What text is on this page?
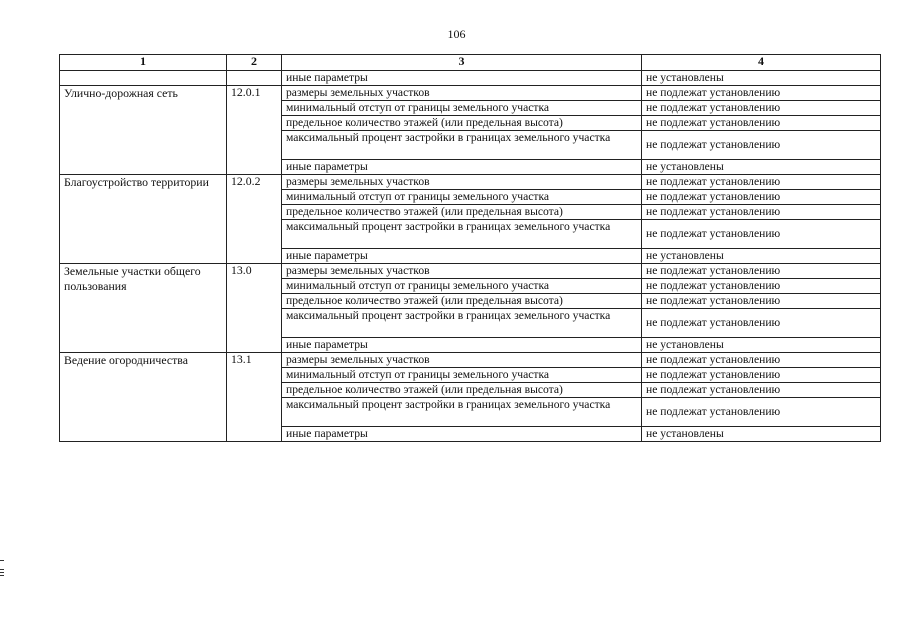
106
1	2	3	4
		иные параметры	не установлены
Улично-дорожная сеть	12.0.1	размеры земельных участков	не подлежат установлению
		минимальный отступ от границы земельного участка	не подлежат установлению
		предельное количество этажей (или предельная высота)	не подлежат установлению
		максимальный процент застройки в границах земельного участка	не подлежат установлению
		иные параметры	не установлены
Благоустройство территории	12.0.2	размеры земельных участков	не подлежат установлению
		минимальный отступ от границы земельного участка	не подлежат установлению
		предельное количество этажей (или предельная высота)	не подлежат установлению
		максимальный процент застройки в границах земельного участка	не подлежат установлению
		иные параметры	не установлены
Земельные участки общего пользования	13.0	размеры земельных участков	не подлежат установлению
		минимальный отступ от границы земельного участка	не подлежат установлению
		предельное количество этажей (или предельная высота)	не подлежат установлению
		максимальный процент застройки в границах земельного участка	не подлежат установлению
		иные параметры	не установлены
Ведение огородничества	13.1	размеры земельных участков	не подлежат установлению
		минимальный отступ от границы земельного участка	не подлежат установлению
		предельное количество этажей (или предельная высота)	не подлежат установлению
		максимальный процент застройки в границах земельного участка	не подлежат установлению
		иные параметры	не установлены
